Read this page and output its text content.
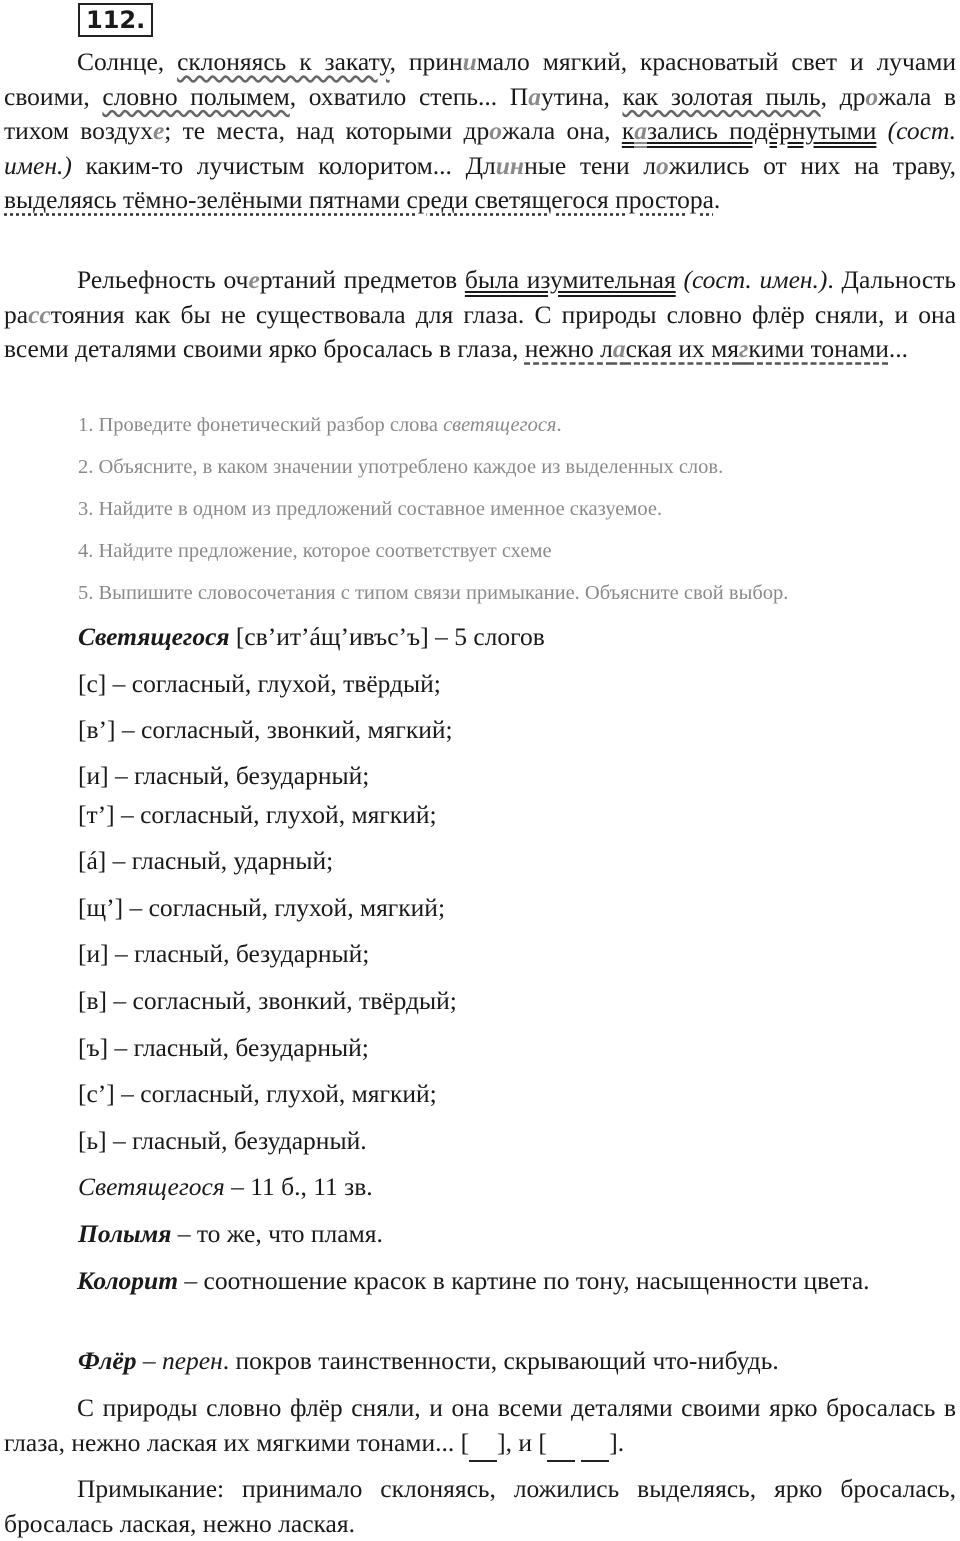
112.

Солнце, склоняясь к закату, принимало мягкий, красноватый свет и лучами своими, словно полымем, охватило степь... Паутина, как золотая пыль, дрожала в тихом воздухе; те места, над которыми дрожала она, казались подёрнутыми (сост. имен.) каким-то лучистым колоритом... Длинные тени ложились от них на траву, выделяясь тёмно-зелёными пятнами среди светящегося простора.

Рельефность очертаний предметов была изумительная (сост. имен.). Дальность расстояния как бы не существовала для глаза. С природы словно флёр сняли, и она всеми деталями своими ярко бросалась в глаза, нежно лаская их мягкими тонами...

1. Проведите фонетический разбор слова светящегося.

2. Объясните, в каком значении употреблено каждое из выделенных слов.

3. Найдите в одном из предложений составное именное сказуемое.

4. Найдите предложение, которое соответствует схеме

5. Выпишите словосочетания с типом связи примыкание. Объясните свой выбор.

Светящегося [св’ит’áщ’ивъс’ъ] – 5 слогов

[с] – согласный, глухой, твёрдый;

[в’] – согласный, звонкий, мягкий;

[и] – гласный, безударный;

[т’] – согласный, глухой, мягкий;

[á] – гласный, ударный;

[щ’] – согласный, глухой, мягкий;

[и] – гласный, безударный;

[в] – согласный, звонкий, твёрдый;

[ъ] – гласный, безударный;

[с’] – согласный, глухой, мягкий;

[ь] – гласный, безударный.

Светящегося – 11 б., 11 зв.

Полымя – то же, что пламя.

Колорит – соотношение красок в картине по тону, насыщенности цвета.

Флёр – перен. покров таинственности, скрывающий что-нибудь.

С природы словно флёр сняли, и она всеми деталями своими ярко бросалась в глаза, нежно лаская их мягкими тонами... [ ], и [ ].

Примыкание: принимало склоняясь, ложились выделяясь, ярко бросалась, бросалась лаская, нежно лаская.
